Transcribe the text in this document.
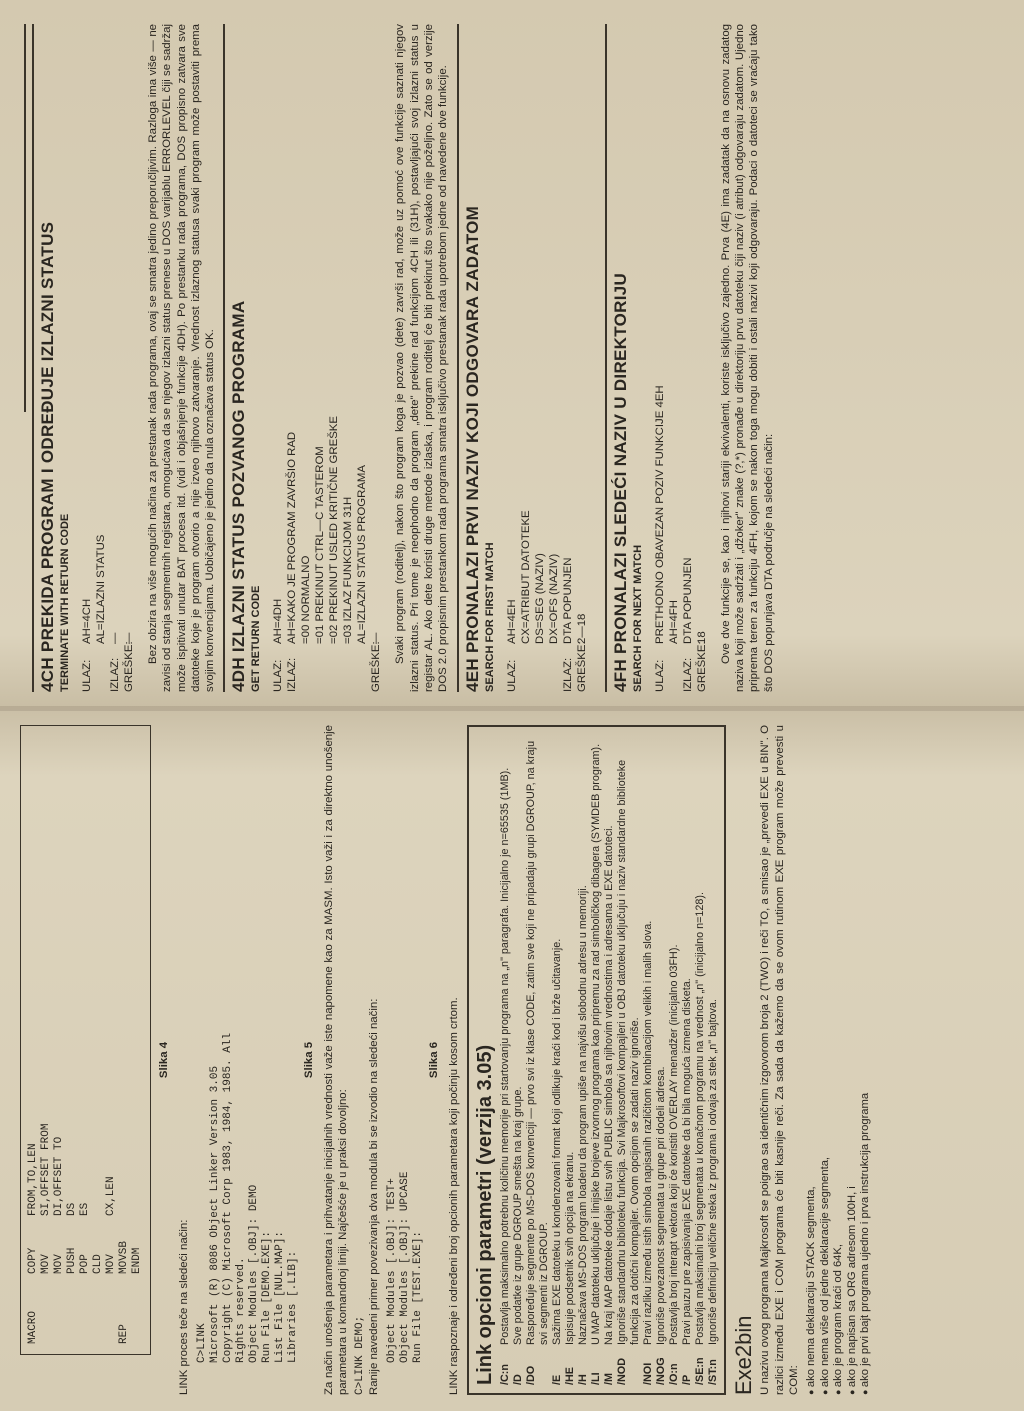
MACRO
COPY
FROM,TO,LEN
MOV
SI,OFFSET FROM
MOV
DI,OFFSET TO
PUSH
DS
POP
ES
CLD MOV
CX,LEN
REP
MOVSB ENDM
Slika 4

LINK proces teče na sledeći način: C>LINK Microsoft (R) 8086 Object Linker Version 3.05 Copyright (C) Microsoft Corp 1983, 1984, 1985. All Rights reserved. Object Modules [.OBJ]: DEMO Run File [DEMO.EXE]: List File [NUL.MAP]: Libraries [.LIB]:
Slika 5 Za način unošenja parametara i prihvatanje inicijalnih vrednosti važe iste napomene kao za MASM. Isto važi i za direktno unošenje parametara u komandnoj liniji. Najčešće je u praksi dovoljno: C>LINK DEMO; Ranije navedeni primer povezivanja dva modula bi se izvodio na sledeći način: Object Modules [.OBJ]: TEST+ Object Modules [.OBJ]: UPCASE Run File [TEST.EXE]:
Slika 6 LINK raspoznaje i određeni broj opcionih parametara koji počinju kosom crtom. Link opcioni parametri (verzija 3.05) /C:n
Postavlja maksimalno potrebnu količinu memorije pri startovanju programa na „n" paragrafa. Inicijalno je n=65535 (1MB).
/D
Sve podatke iz grupe DGROUP smešta na kraj grupe.
/DO
Raspoređuje segmente po MS-DOS konvenciji — prvo svi iz klase CODE, zatim sve koji ne pripadaju grupi DGROUP, na kraju svi segmenti iz DGROUP.
/E
Sažima EXE datoteku u kondenzovani format koji odlikuje kraći kod i brže učitavanje.
/HE
Ispisuje podsetnik svih opcija na ekranu.
/H
Naznačava MS-DOS program loaderu da program upiše na najvišu slobodnu adresu u memoriji.
/LI
U MAP datoteku uključuje i linijske brojeve izvornog programa kao pripremu za rad simboličkog dibagera (SYMDEB program).
/M
Na kraj MAP datoteke dodaje listu svih PUBLIC simbola sa njihovim vrednostima i adresama u EXE datoteci.
/NOD
Ignoriše standardnu biblioteku funkcija. Svi Majkrosoftovi kompajleri u OBJ datoteku uključuju i naziv standardne biblioteke funkcija za dotični kompajler. Ovom opcijom se zadati naziv ignoriše.
/NOI
Pravi razliku između istih simbola napisanih različitom kombinacijom velikih i malih slova.
/NOG
Ignoriše povezanost segmenata u grupe pri dodeli adresa.
/O:n
Postavlja broj interapt vektora koji će koristiti OVERLAY menadžer (inicijalno 03FH).
/P
Pravi pauzu pre zapisivanja EXE datoteke da bi bila moguća izmena disketa.
/SE:n
Postavlja maksimalni broj segmenata u konačnom programu na vrednost „n" (inicijalno n=128).
/ST:n
Ignoriše definiciju veličine steka iz programa i odvaja za stek „n" bajtova.
Exe2bin U nazivu ovog programa Majkrosoft se poigrao sa identičnim izgovorom broja 2 (TWO) i reči TO, a smisao je „prevedi EXE u BIN". O razlici između EXE i COM programa će biti kasnije reči. Za sada da kažemo da se ovom rutinom EXE program može prevesti u COM: ● ako nema deklaraciju STACK segmenta, ● ako nema više od jedne deklaracije segmenta, ● ako je program kraći od 64K, ● ako je napisan sa ORG adresom 100H, i ● ako je prvi bajt programa ujedno i prva instrukcija programa
4CH PREKIDA PROGRAM I ODREĐUJE IZLAZNI STATUS TERMINATE WITH RETURN CODE ULAZ:
AH=4CH AL=IZLAZNI STATUS
IZLAZ:
—
GREŠKE:
— Bez obzira na više mogućih načina za prestanak rada programa, ovaj se smatra jedino preporučljivim. Razloga ima više — ne zavisi od stanja segmentnih registara, omogućava da se njegov izlazni status prenese u DOS varijablu ERRORLEVEL čiji se sadržaj može ispitivati unutar BAT procesa itd. (vidi i objašnjenje funkcije 4DH). Po prestanku rada programa, DOS propisno zatvara sve datoteke koje je program otvorio a nije izveo njihovo zatvaranje. Vrednost izlaznog statusa svaki program može postaviti prema svojim konvencijama. Uobičajeno je jedino da nula označava status OK. 4DH IZLAZNI STATUS POZVANOG PROGRAMA GET RETURN CODE ULAZ:
AH=4DH
IZLAZ:
AH=KAKO JE PROGRAM ZAVRŠIO RAD =00 NORMALNO =01 PREKINUT CTRL—C TASTEROM =02 PREKINUT USLED KRITIČNE GREŠKE =03 IZLAZ FUNKCIJOM 31H AL=IZLAZNI STATUS PROGRAMA
GREŠKE:
— Svaki program (roditelj), nakon što program koga je pozvao (dete) završi rad, može uz pomoć ove funkcije saznati njegov izlazni status. Pri tome je neophodno da program „dete" prekine rad funkcijom 4CH ili (31H), postavljajući svoj izlazni status u registar AL. Ako dete koristi druge metode izlaska, i program roditelj će biti prekinut što svakako nije poželjno. Zato se od verzije DOS 2.0 propisnim prestankom rada programa smatra isključivo prestanak rada upotrebom jedne od navedene dve funkcije. 4EH PRONALAZI PRVI NAZIV KOJI ODGOVARA ZADATOM SEARCH FOR FIRST MATCH ULAZ:
AH=4EH CX=ATRIBUT DATOTEKE DS=SEG (NAZIV) DX=OFS (NAZIV)
IZLAZ:
DTA POPUNJEN
GREŠKE:
2—18 4FH PRONALAZI SLEDEĆI NAZIV U DIREKTORIJU SEARCH FOR NEXT MATCH ULAZ:
PRETHODNO OBAVEZAN POZIV FUNKCIJE 4EH AH=4FH
IZLAZ:
DTA POPUNJEN
GREŠKE:
18 Ove dve funkcije se, kao i njihovi stariji ekvivalenti, koriste isključivo zajedno. Prva (4E) ima zadatak da na osnovu zadatog naziva koji može sadržati i „džoker" znake (?,*) pronađe u direktoriju prvu datoteku čiji naziv (i atribut) odgovaraju zadatom. Ujedno priprema teren za funkciju 4FH, kojom se nakon toga mogu dobiti i ostali nazivi koji odgovaraju. Podaci o datoteci se vraćaju tako što DOS popunjava DTA područje na sledeći način:
